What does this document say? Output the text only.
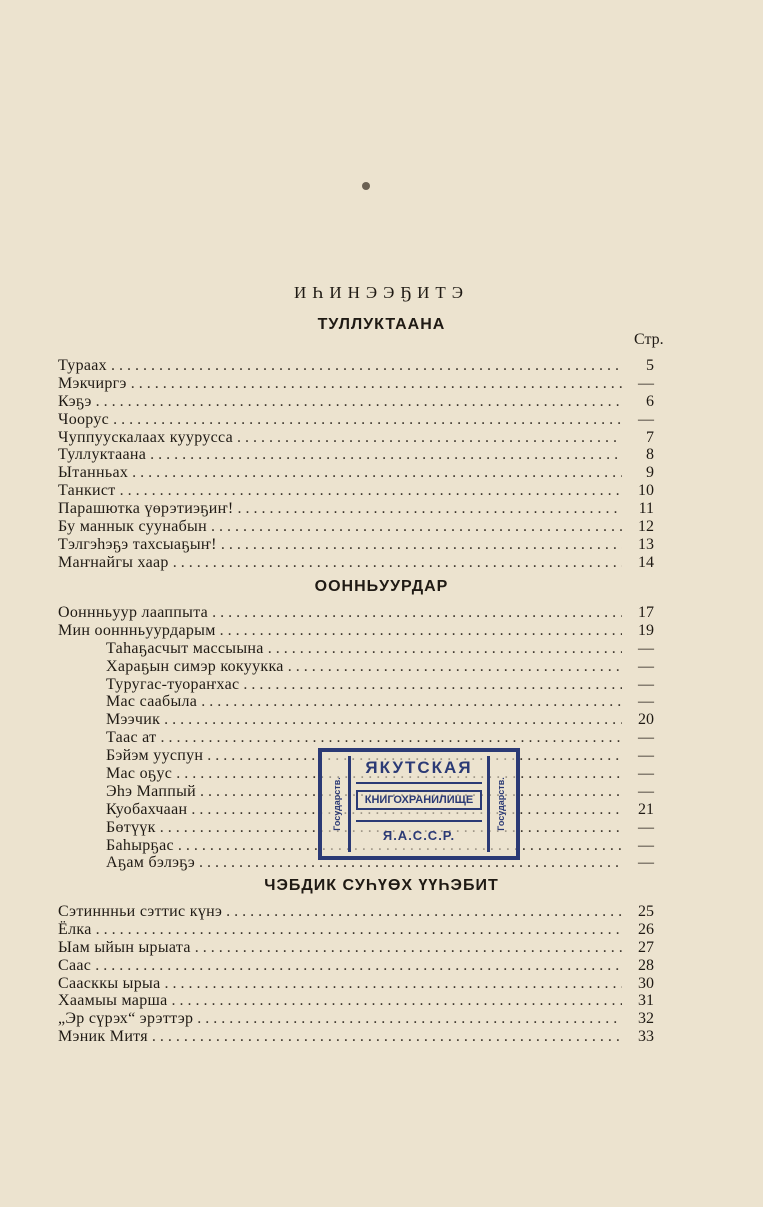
ИҺИНЭЭҔИТЭ
ТУЛЛУКТААНА
Стр.
Тураах . . .	5
Мэкчиргэ . . .	—
Кэҕэ . . .	6
Чоорус . . .	—
Чуппуускалаах куурусса . . .	7
Туллуктаана . . .	8
Ытанньах . . .	9
Танкист . . .	10
Парашютка үөрэтиэҕиҥ! . . .	11
Бу маннык суунабын . . .	12
Тэлгэһэҕэ тахсыаҕыҥ! . . .	13
Маҥнайгы хаар . . .	14
ООННЬУУРДАР
Ооннньуур лааппыта . . .	17
Мин ооннньуурдарым . . .	19
Таһаҕасчыт массыына . . .	—
Хараҕын симэр кокуукка . . .	—
Туругас-туораҥхас . . .	—
Мас саабыла . . .	—
Мээчик . . .	20
Таас ат . . .	—
Бэйэм ууспун . . .	—
Мас оҕус . . .	—
Эһэ Маппый . . .	—
Куобахчаан . . .	21
Бөтүүк . . .	—
Баһырҕас . . .	—
Аҕам бэлэҕэ . . .	—
ЧЭБДИК СУҺҮӨХ ҮҮҺЭБИТ
Сэтиннньи сэттис күнэ . . .	25
Ёлка . . .	26
Ыам ыйын ырыата . . .	27
Саас . . .	28
Саасккы ырыа . . .	30
Хаамыы марша . . .	31
„Эр сүрэх“ эрэттэр . . .	32
Мэник Митя . . .	33
Государств.	Государств.
ЯКУТСКАЯ
КНИГОХРАНИЛИЩЕ
Я.А.С.С.Р.
